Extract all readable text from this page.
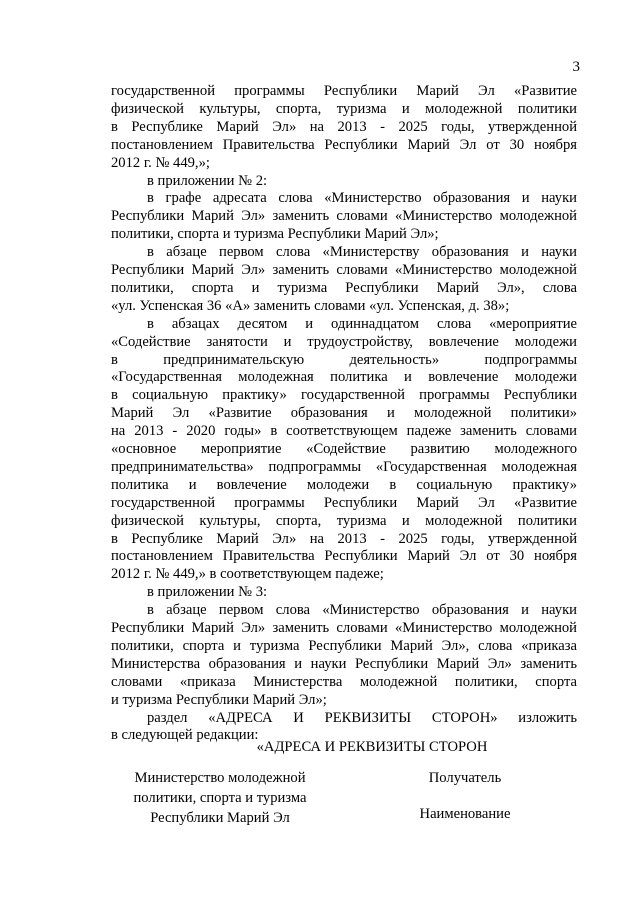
3
государственной программы Республики Марий Эл «Развитие
физической культуры, спорта, туризма и молодежной политики
в Республике Марий Эл» на 2013 - 2025 годы, утвержденной
постановлением Правительства Республики Марий Эл от 30 ноября
2012 г. № 449,»;
в приложении № 2:
в графе адресата слова «Министерство образования и науки
Республики Марий Эл» заменить словами «Министерство молодежной
политики, спорта и туризма Республики Марий Эл»;
в абзаце первом слова «Министерству образования и науки
Республики Марий Эл» заменить словами «Министерство молодежной
политики, спорта и туризма Республики Марий Эл», слова
«ул. Успенская 36 «А» заменить словами «ул. Успенская, д. 38»;
в абзацах десятом и одиннадцатом слова «мероприятие
«Содействие занятости и трудоустройству, вовлечение молодежи
в предпринимательскую деятельность» подпрограммы
«Государственная молодежная политика и вовлечение молодежи
в социальную практику» государственной программы Республики
Марий Эл «Развитие образования и молодежной политики»
на 2013 - 2020 годы» в соответствующем падеже заменить словами
«основное мероприятие «Содействие развитию молодежного
предпринимательства» подпрограммы «Государственная молодежная
политика и вовлечение молодежи в социальную практику»
государственной программы Республики Марий Эл «Развитие
физической культуры, спорта, туризма и молодежной политики
в Республике Марий Эл» на 2013 - 2025 годы, утвержденной
постановлением Правительства Республики Марий Эл от 30 ноября
2012 г. № 449,» в соответствующем падеже;
в приложении № 3:
в абзаце первом слова «Министерство образования и науки
Республики Марий Эл» заменить словами «Министерство молодежной
политики, спорта и туризма Республики Марий Эл», слова «приказа
Министерства образования и науки Республики Марий Эл» заменить
словами «приказа Министерства молодежной политики, спорта
и туризма Республики Марий Эл»;
раздел «АДРЕСА И РЕКВИЗИТЫ СТОРОН» изложить
в следующей редакции:
«АДРЕСА И РЕКВИЗИТЫ СТОРОН
Министерство молодежной
политики, спорта и туризма
Республики Марий Эл
Получатель
Наименование
